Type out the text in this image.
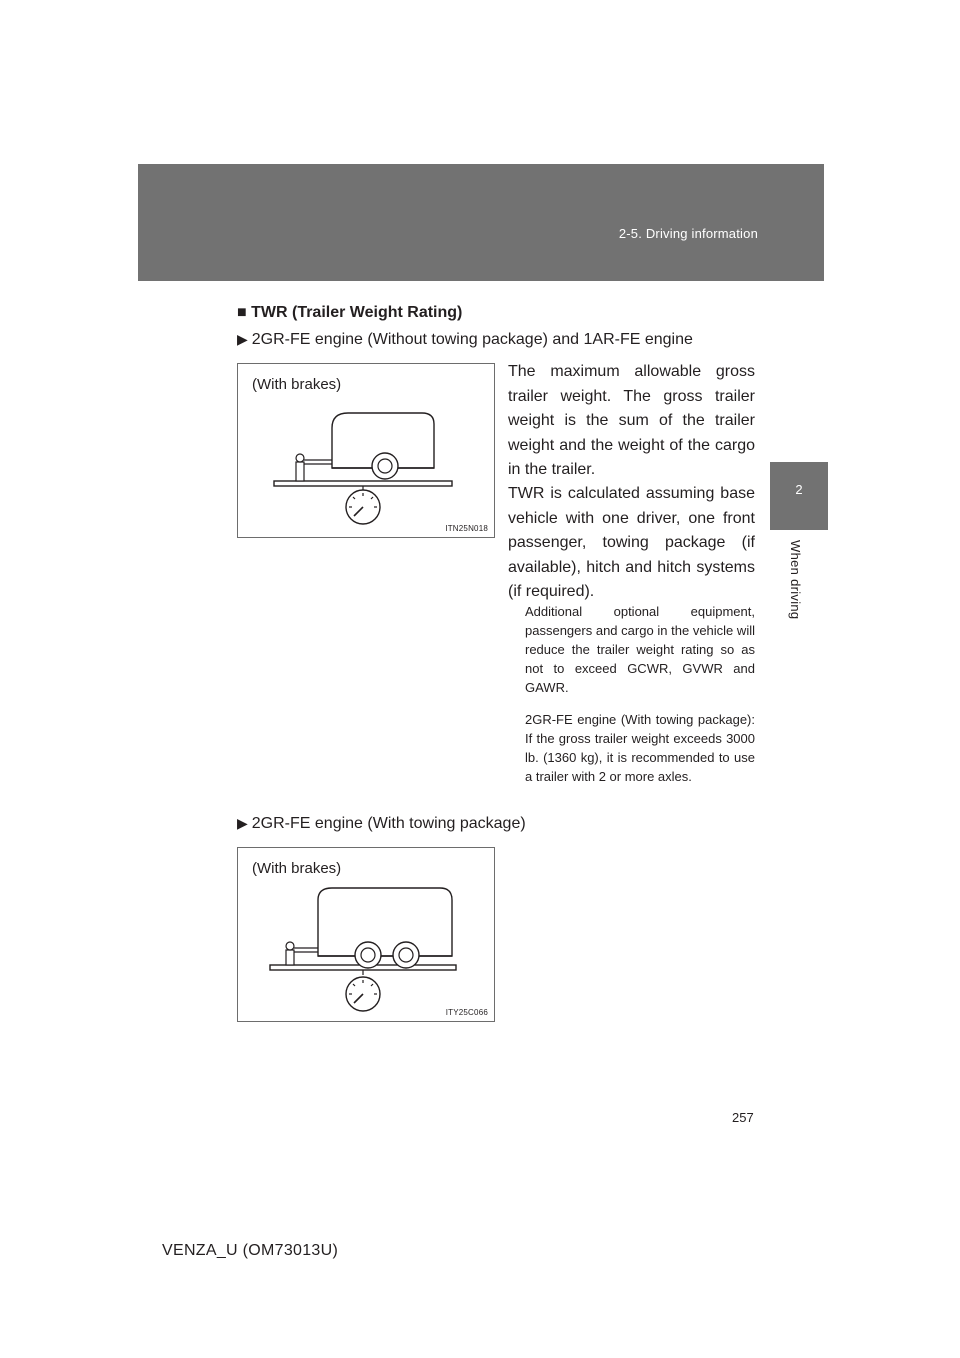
2-5. Driving information
2
When driving
■ TWR (Trailer Weight Rating)
▶ 2GR-FE engine (Without towing package) and 1AR-FE engine
(With brakes)
ITN25N018

The maximum allowable gross trailer weight. The gross trailer weight is the sum of the trailer weight and the weight of the cargo in the trailer.

TWR is calculated assuming base vehicle with one driver, one front passenger, towing package (if available), hitch and hitch systems (if required).

Additional optional equipment, passengers and cargo in the vehicle will reduce the trailer weight rating so as not to exceed GCWR, GVWR and GAWR.

2GR-FE engine (With towing package): If the gross trailer weight exceeds 3000 lb. (1360 kg), it is recommended to use a trailer with 2 or more axles.

▶ 2GR-FE engine (With towing package)
(With brakes)
ITY25C066
257
VENZA_U (OM73013U)
